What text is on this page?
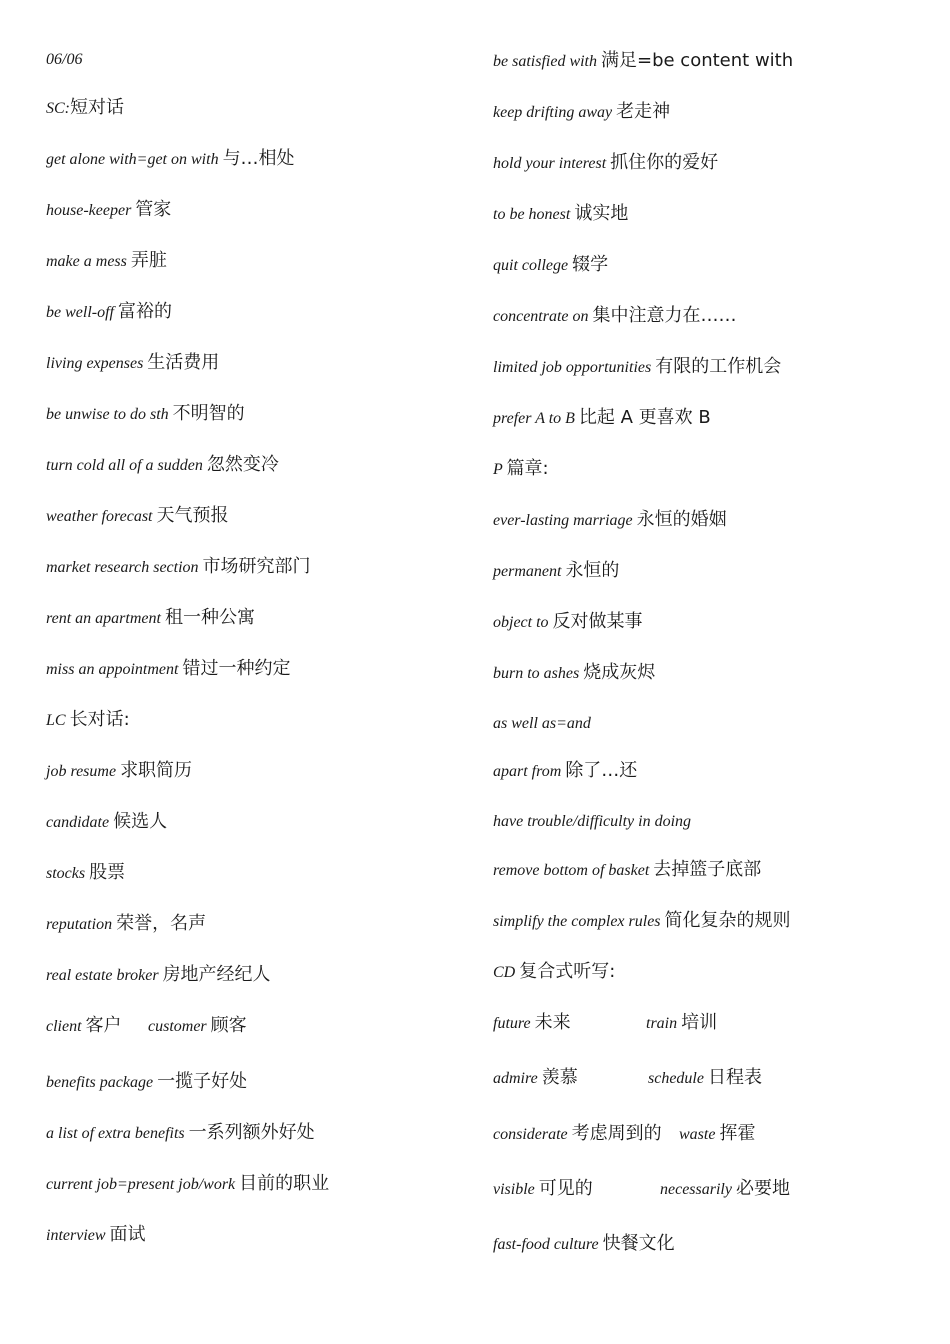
06/06
SC:短对话
get alone with=get on with 与…相处
house-keeper 管家
make a mess 弄脏
be well-off 富裕的
living expenses 生活费用
be unwise to do sth 不明智的
turn cold all of a sudden 忽然变冷
weather forecast 天气预报
market research section 市场研究部门
rent an apartment 租一种公寓
miss an appointment 错过一种约定
LC 长对话:
job resume 求职简历
candidate 候选人
stocks 股票
reputation 荣誉，名声
real estate broker 房地产经纪人
client 客户 customer 顾客
benefits package 一揽子好处
a list of extra benefits 一系列额外好处
current job=present job/work 目前的职业
interview 面试
be satisfied with 满足=be content with
keep drifting away 老走神
hold your interest 抓住你的爱好
to be honest 诚实地
quit college 辍学
concentrate on 集中注意力在……
limited job opportunities 有限的工作机会
prefer A to B 比起 A 更喜欢 B
P 篇章:
ever-lasting marriage 永恒的婚姻
permanent 永恒的
object to 反对做某事
burn to ashes 烧成灰烬
as well as=and
apart from 除了…还
have trouble/difficulty in doing
remove bottom of basket 去掉篮子底部
simplify the complex rules 简化复杂的规则
CD 复合式听写:
future 未来	train 培训
admire 羡慕	schedule 日程表
considerate 考虑周到的 waste 挥霍
visible 可见的	necessarily 必要地
fast-food culture 快餐文化
